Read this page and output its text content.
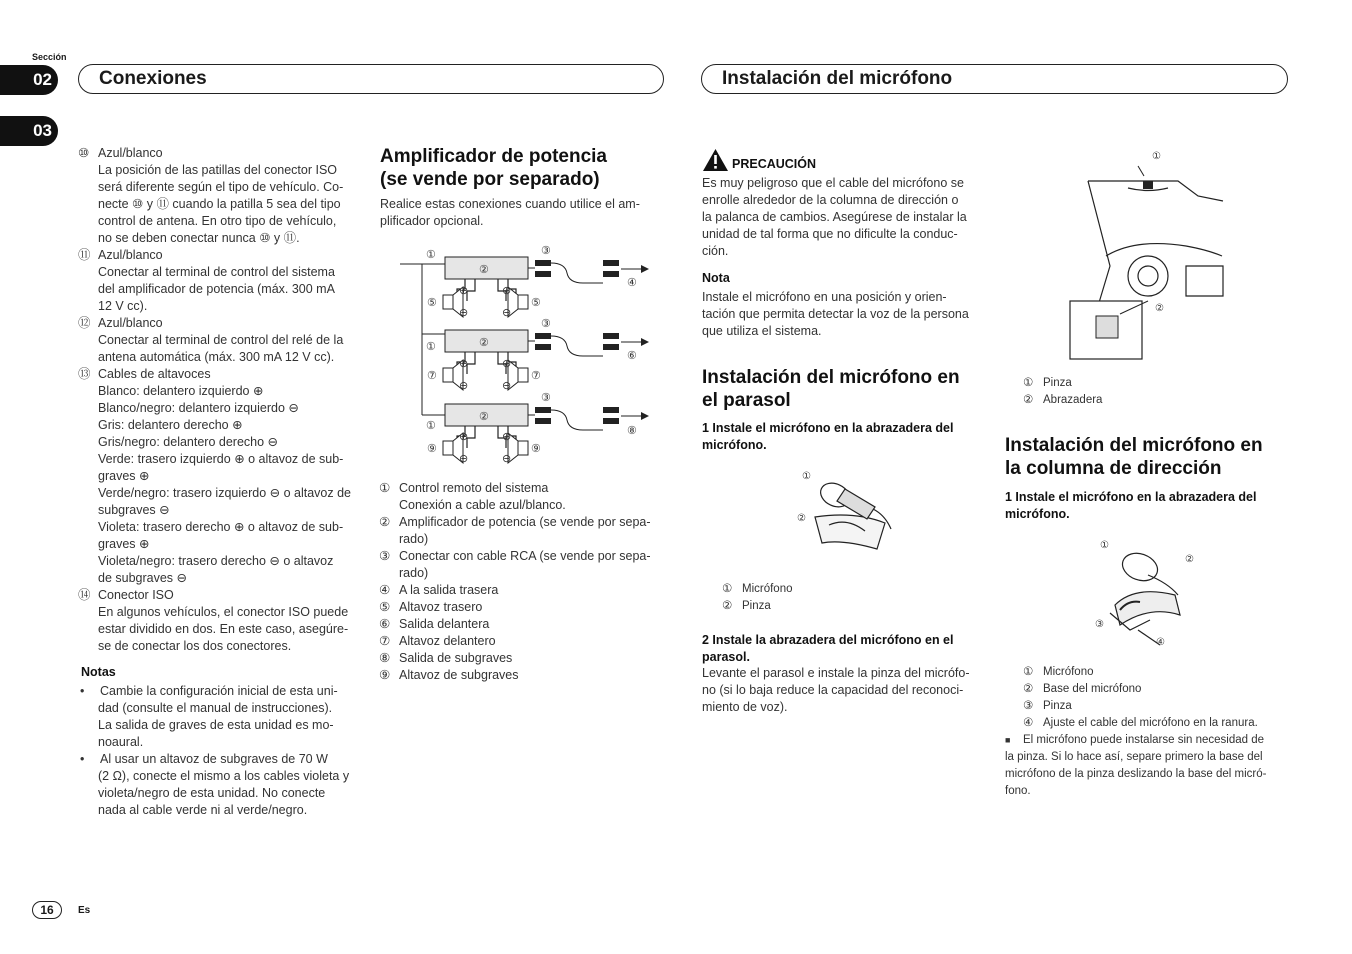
Sección
02
03
Conexiones	Instalación del micrófono
⑩ Azul/blanco
La posición de las patillas del conector ISO
será diferente según el tipo de vehículo. Co-
necte ⑩ y ⑪ cuando la patilla 5 sea del tipo
control de antena. En otro tipo de vehículo,
no se deben conectar nunca ⑩ y ⑪.
⑪ Azul/blanco
Conectar al terminal de control del sistema
del amplificador de potencia (máx. 300 mA
12 V cc).
⑫ Azul/blanco
Conectar al terminal de control del relé de la
antena automática (máx. 300 mA 12 V cc).
⑬ Cables de altavoces
Blanco: delantero izquierdo ⊕
Blanco/negro: delantero izquierdo ⊖
Gris: delantero derecho ⊕
Gris/negro: delantero derecho ⊖
Verde: trasero izquierdo ⊕ o altavoz de sub-
graves ⊕
Verde/negro: trasero izquierdo ⊖ o altavoz de
subgraves ⊖
Violeta: trasero derecho ⊕ o altavoz de sub-
graves ⊕
Violeta/negro: trasero derecho ⊖ o altavoz
de subgraves ⊖
⑭ Conector ISO
En algunos vehículos, el conector ISO puede
estar dividido en dos. En este caso, asegúre-
se de conectar los dos conectores.
Notas
•	Cambie la configuración inicial de esta uni-
dad (consulte el manual de instrucciones).
La salida de graves de esta unidad es mo-
noaural.
•	Al usar un altavoz de subgraves de 70 W
(2 Ω), conecte el mismo a los cables violeta y
violeta/negro de esta unidad. No conecte
nada al cable verde ni al verde/negro.
Amplificador de potencia
(se vende por separado)
Realice estas conexiones cuando utilice el am-
plificador opcional.
①
②
③
④
⑤	⑤
⊕	⊕
⊖	⊖
③
①	②
⑥
⑦	⑦
⊕	⊕
⊖	⊖
③
①
②
⑧
⑨	⑨
⊕	⊕
⊖	⊖
① Control remoto del sistema
Conexión a cable azul/blanco.
② Amplificador de potencia (se vende por sepa-
rado)
③ Conectar con cable RCA (se vende por sepa-
rado)
④ A la salida trasera
⑤ Altavoz trasero
⑥ Salida delantera
⑦ Altavoz delantero
⑧ Salida de subgraves
⑨ Altavoz de subgraves
PRECAUCIÓN
Es muy peligroso que el cable del micrófono se
enrolle alrededor de la columna de dirección o
la palanca de cambios. Asegúrese de instalar la
unidad de tal forma que no dificulte la conduc-
ción.
Nota
Instale el micrófono en una posición y orien-
tación que permita detectar la voz de la persona
que utiliza el sistema.
Instalación del micrófono en
el parasol
1 Instale el micrófono en la abrazadera del
micrófono.
①
②
① Micrófono
② Pinza
2 Instale la abrazadera del micrófono en el
parasol.
Levante el parasol e instale la pinza del micrófo-
no (si lo baja reduce la capacidad del reconoci-
miento de voz).
①
②
① Pinza
② Abrazadera
Instalación del micrófono en
la columna de dirección
1 Instale el micrófono en la abrazadera del
micrófono.
①
②
③
④
① Micrófono
② Base del micrófono
③ Pinza
④ Ajuste el cable del micrófono en la ranura.
■	El micrófono puede instalarse sin necesidad de
la pinza. Si lo hace así, separe primero la base del
micrófono de la pinza deslizando la base del micró-
fono.
16	Es
